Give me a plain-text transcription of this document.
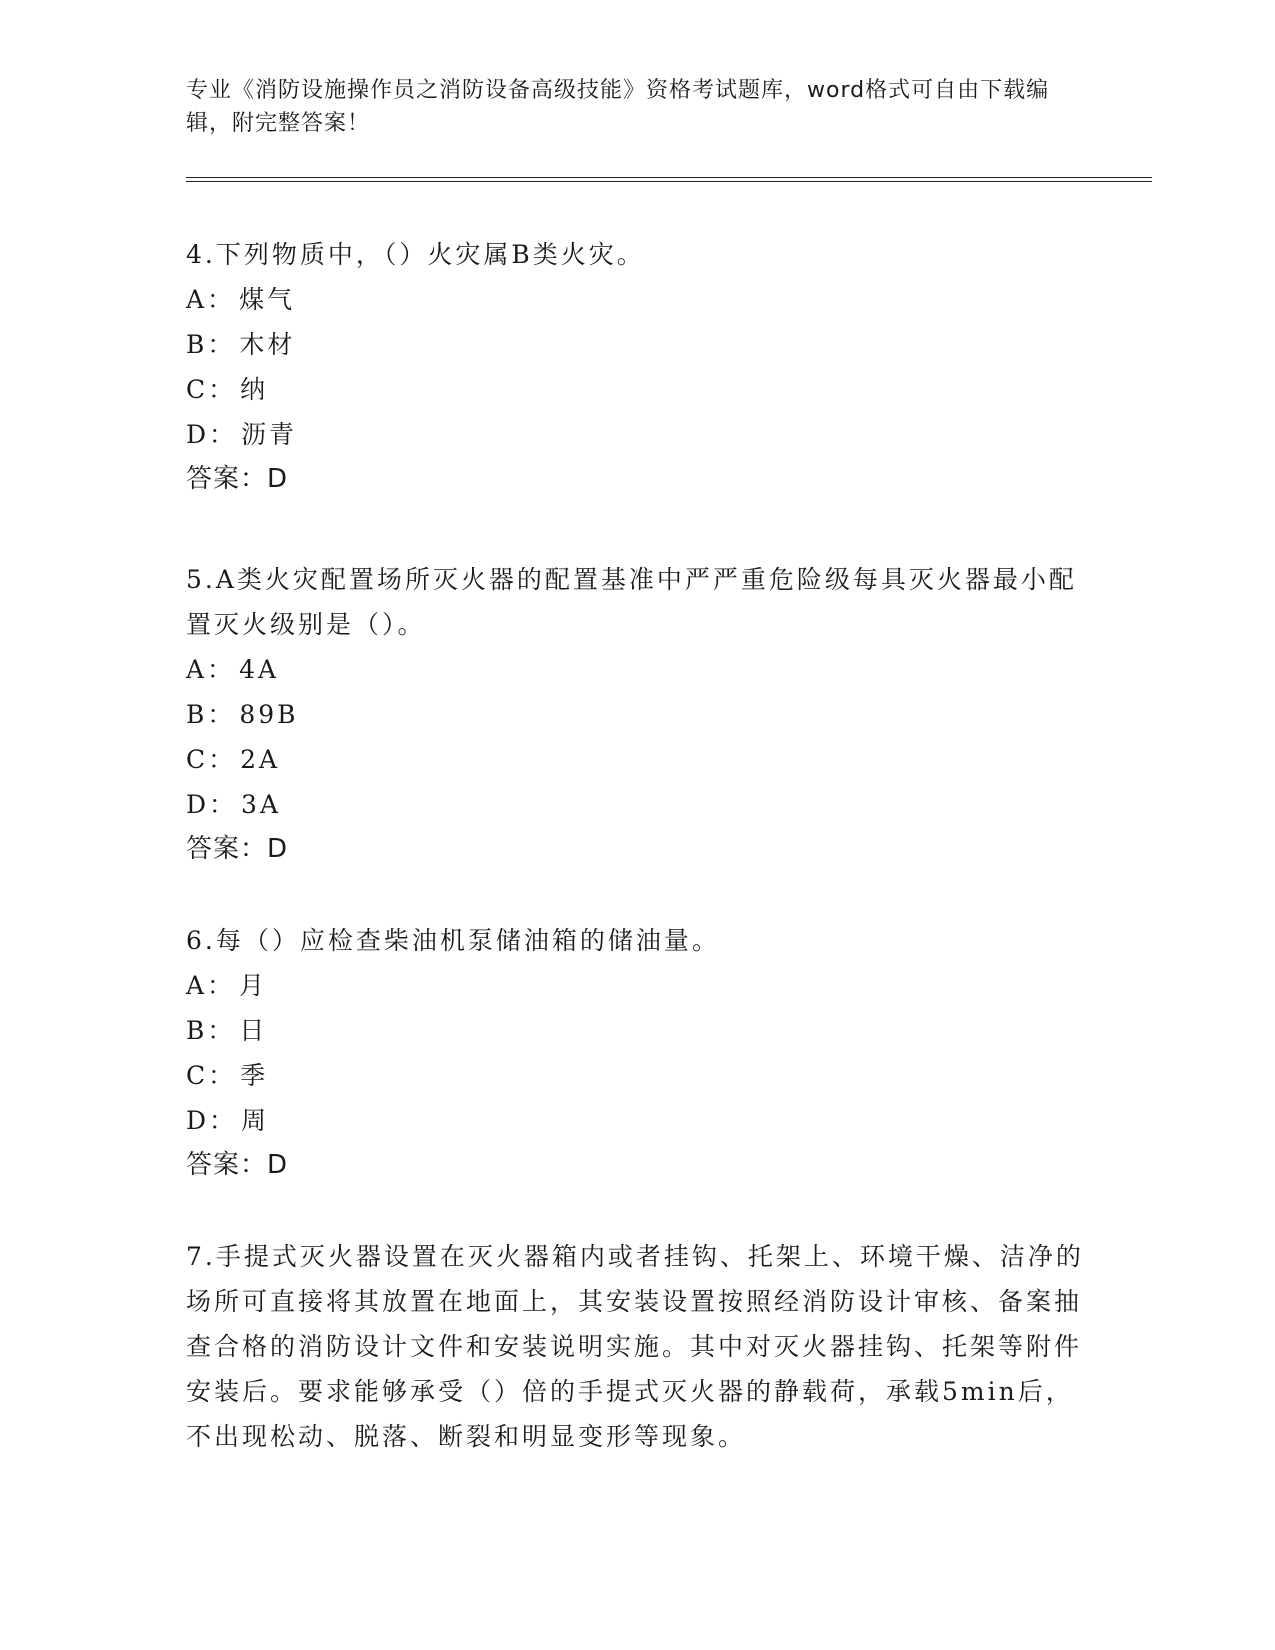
专业《消防设施操作员之消防设备高级技能》资格考试题库，word格式可自由下载编辑，附完整答案！
4.下列物质中，（）火灾属B类火灾。
A： 煤气
B： 木材
C： 纳
D： 沥青
答案：D
5.A类火灾配置场所灭火器的配置基准中严严重危险级每具灭火器最小配置灭火级别是（）。
A： 4A
B： 89B
C： 2A
D： 3A
答案：D
6.每（）应检查柴油机泵储油箱的储油量。
A： 月
B： 日
C： 季
D： 周
答案：D
7.手提式灭火器设置在灭火器箱内或者挂钩、托架上、环境干燥、洁净的场所可直接将其放置在地面上，其安装设置按照经消防设计审核、备案抽查合格的消防设计文件和安装说明实施。其中对灭火器挂钩、托架等附件安装后。要求能够承受（）倍的手提式灭火器的静载荷，承载5min后，不出现松动、脱落、断裂和明显变形等现象。
